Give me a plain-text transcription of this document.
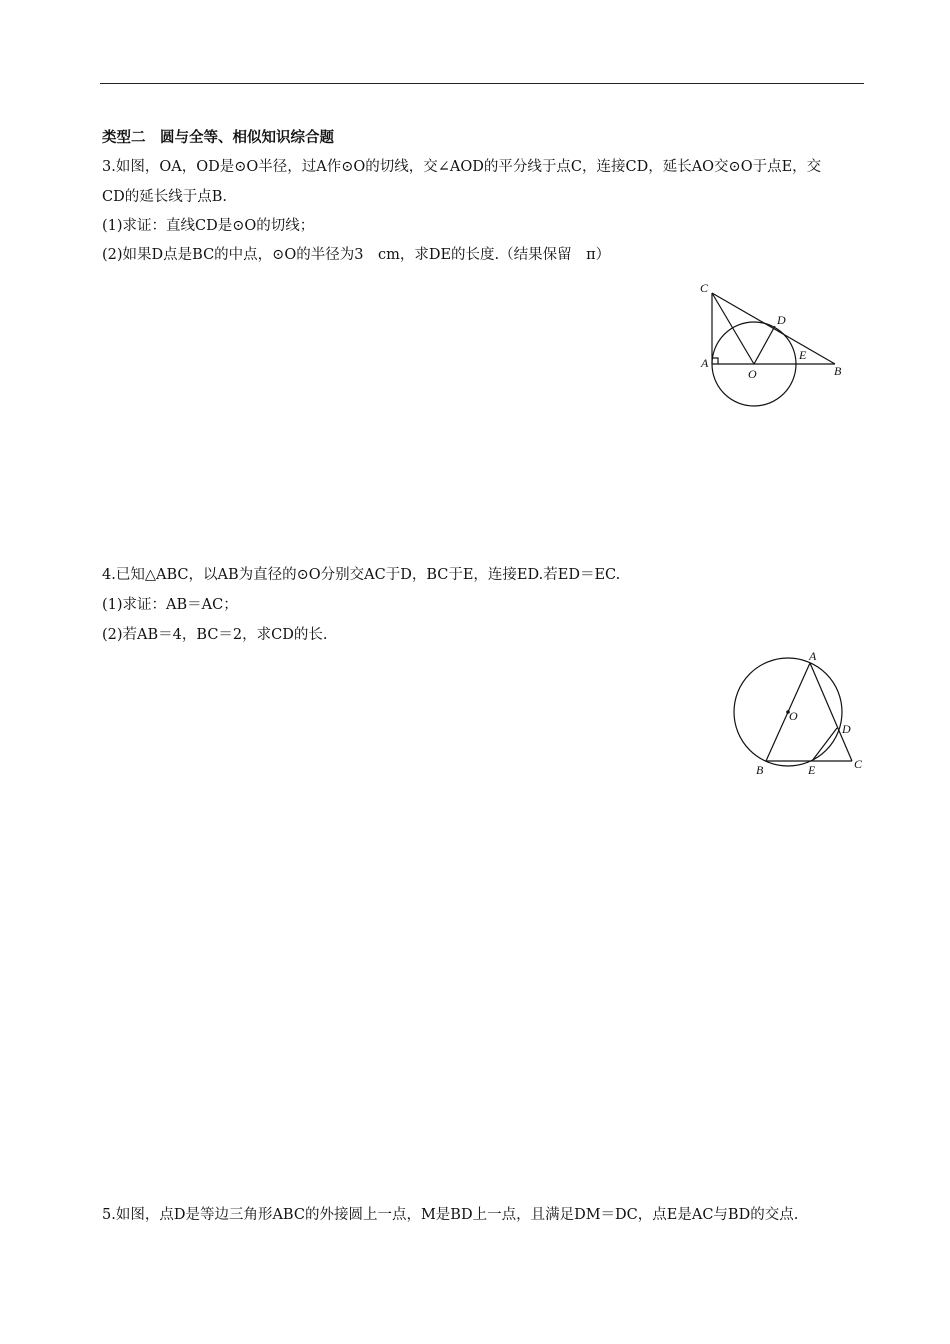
类型二　圆与全等、相似知识综合题
3.如图，OA，OD是⊙O半径，过A作⊙O的切线，交∠AOD的平分线于点C，连接CD，延长AO交⊙O于点E，交
CD的延长线于点B.
(1)求证：直线CD是⊙O的切线；
(2)如果D点是BC的中点，⊙O的半径为3　cm，求DE的长度.（结果保留　π）
C
D
A
O
E
B
4.已知△ABC，以AB为直径的⊙O分别交AC于D，BC于E，连接ED.若ED＝EC.
(1)求证：AB＝AC；
(2)若AB＝4，BC＝2，求CD的长.
A
O
D
B	E	C
5.如图，点D是等边三角形ABC的外接圆上一点，M是BD上一点，且满足DM＝DC，点E是AC与BD的交点.
